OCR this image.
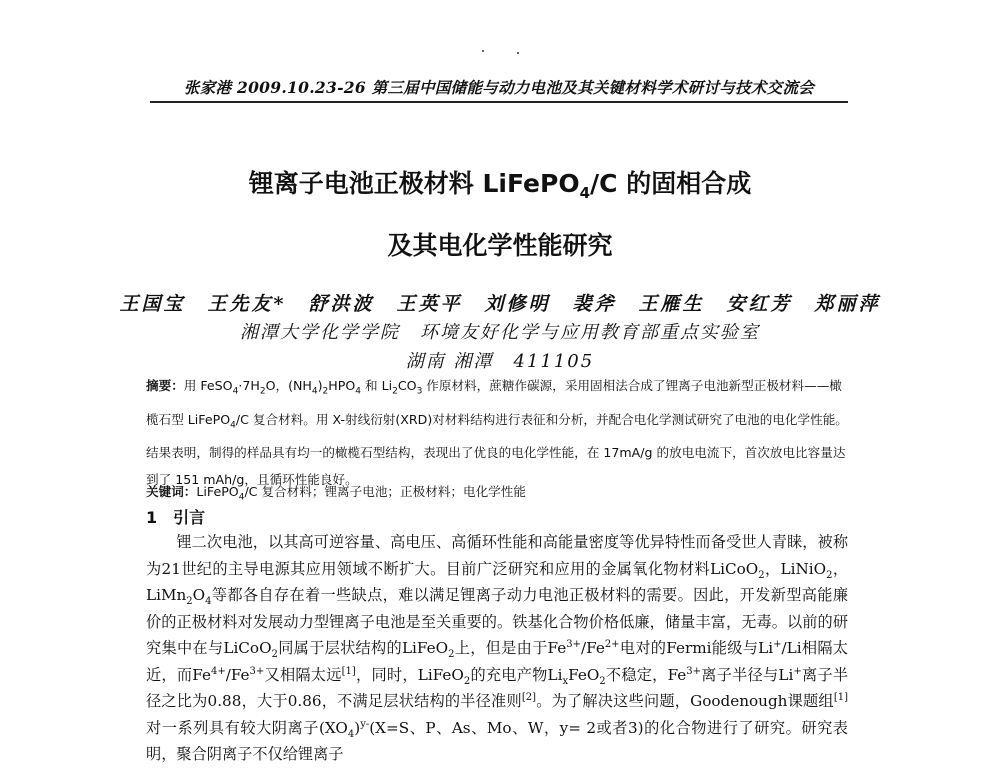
张家港 2009.10.23-26 第三届中国储能与动力电池及其关键材料学术研讨与技术交流会
锂离子电池正极材料 LiFePO$_4$/C 的固相合成
及其电化学性能研究
王国宝　王先友*　舒洪波　王英平　刘修明　裴斧　王雁生　安红芳　郑丽萍
湘潭大学化学学院　环境友好化学与应用教育部重点实验室
湖南 湘潭　411105
摘要：用 $FeSO_4\cdot 7H_2O$，$(NH_4)_2HPO_4$ 和 $Li_2CO_3$ 作原材料，蔗糖作碳源，采用固相法合成了锂离子电池新型正极材料——橄榄石型 LiFePO$_4$/C 复合材料。用 X-射线衍射(XRD)对材料结构进行表征和分析，并配合电化学测试研究了电池的电化学性能。结果表明，制得的样品具有均一的橄榄石型结构，表现出了优良的电化学性能，在 17mA/g 的放电电流下，首次放电比容量达到了 151 mAh/g，且循环性能良好。
关键词：LiFePO$_4$/C 复合材料；锂离子电池；正极材料；电化学性能
1 引言

锂二次电池，以其高可逆容量、高电压、高循环性能和高能量密度等优异特性而备受世人青睐，被称为21世纪的主导电源其应用领域不断扩大。目前广泛研究和应用的金属氧化物材料LiCoO$_2$，LiNiO$_2$，$LiMn_2O_4$等都各自存在着一些缺点，难以满足锂离子动力电池正极材料的需要。因此，开发新型高能廉价的正极材料对发展动力型锂离子电池是至关重要的。铁基化合物价格低廉，储量丰富，无毒。以前的研究集中在与LiCoO$_2$同属于层状结构的LiFeO$_2$上，但是由于$Fe^{3+}/Fe^{2+}$电对的Fermi能级与Li+/Li相隔太近，而$Fe^{4+}/Fe^{3+}$又相隔太远[1]，同时，LiFeO$_2$的充电产物$Li_xFeO_2$不稳定，$Fe^{3+}$离子半径与Li+离子半径之比为0.88，大于0.86，不满足层状结构的半径准则[2]。为了解决这些问题，Goodenough课题组[1]对一系列具有较大阴离子$(XO_4)^{y-}(X=S$、P、As、Mo、W，y= 2或者3)的化合物进行了研究。研究表明，聚合阴离子不仅给锂离子
